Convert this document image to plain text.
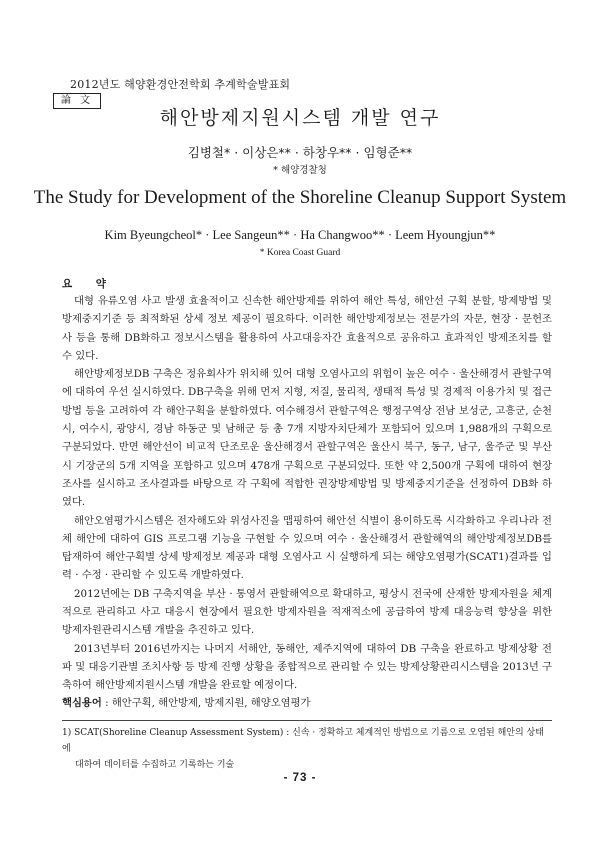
2012년도 해양환경안전학회 추계학술발표회
論 文
해안방제지원시스템 개발 연구
김병철* · 이상은** · 하창우** · 임형준**
* 해양경찰청
The Study for Development of the Shoreline Cleanup Support System
Kim Byeungcheol* · Lee Sangeun** · Ha Changwoo** · Leem Hyoungjun**
* Korea Coast Guard
요 약

대형 유류오염 사고 발생 효율적이고 신속한 해안방제를 위하여 해안 특성, 해안선 구획 분할, 방제방법 및 방제중지기준 등 최적화된 상세 정보 제공이 필요하다. 이러한 해안방제정보는 전문가의 자문, 현장 · 문헌조사 등을 통해 DB화하고 정보시스템을 활용하여 사고대응자간 효율적으로 공유하고 효과적인 방제조치를 할 수 있다.

해안방제정보DB 구축은 정유회사가 위치해 있어 대형 오염사고의 위험이 높은 여수 · 울산해경서 관할구역에 대하여 우선 실시하였다. DB구축을 위해 먼저 지형, 저질, 물리적, 생태적 특성 및 경제적 이용가치 및 접근방법 등을 고려하여 각 해안구획을 분할하였다. 여수해경서 관할구역은 행정구역상 전남 보성군, 고흥군, 순천시, 여수시, 광양시, 경남 하동군 및 남해군 등 총 7개 지방자치단체가 포함되어 있으며 1,988개의 구획으로 구분되었다. 반면 해안선이 비교적 단조로운 울산해경서 관할구역은 울산시 북구, 동구, 남구, 울주군 및 부산시 기장군의 5개 지역을 포함하고 있으며 478개 구획으로 구분되었다. 또한 약 2,500개 구획에 대하여 현장조사를 실시하고 조사결과를 바탕으로 각 구획에 적합한 권장방제방법 및 방제중지기준을 선정하여 DB화 하였다.

해안오염평가시스템은 전자해도와 위성사진을 맵핑하여 해안선 식별이 용이하도록 시각화하고 우리나라 전체 해안에 대하여 GIS 프로그램 기능을 구현할 수 있으며 여수 · 울산해경서 관할해역의 해안방제정보DB를 탑재하여 해안구획별 상세 방제정보 제공과 대형 오염사고 시 실행하게 되는 해양오염평가(SCAT1)결과를 입력 · 수정 · 관리할 수 있도록 개발하였다.

2012년에는 DB 구축지역을 부산 · 통영서 관할해역으로 확대하고, 평상시 전국에 산재한 방제자원을 체계적으로 관리하고 사고 대응시 현장에서 필요한 방제자원을 적재적소에 공급하여 방제 대응능력 향상을 위한 방제자원관리시스템 개발을 추진하고 있다.

2013년부터 2016년까지는 나머지 서해안, 동해안, 제주지역에 대하여 DB 구축을 완료하고 방제상황 전파 및 대응기관별 조치사항 등 방제 진행 상황을 종합적으로 관리할 수 있는 방제상황관리시스템을 2013년 구축하여 해안방제지원시스템 개발을 완료할 예정이다.

핵심용어 : 해안구획, 해안방제, 방제지원, 해양오염평가
1) SCAT(Shoreline Cleanup Assessment System) : 신속 · 정확하고 체계적인 방법으로 기름으로 오염된 해안의 상태에
대하여 데이터를 수집하고 기록하는 기술
- 73 -
